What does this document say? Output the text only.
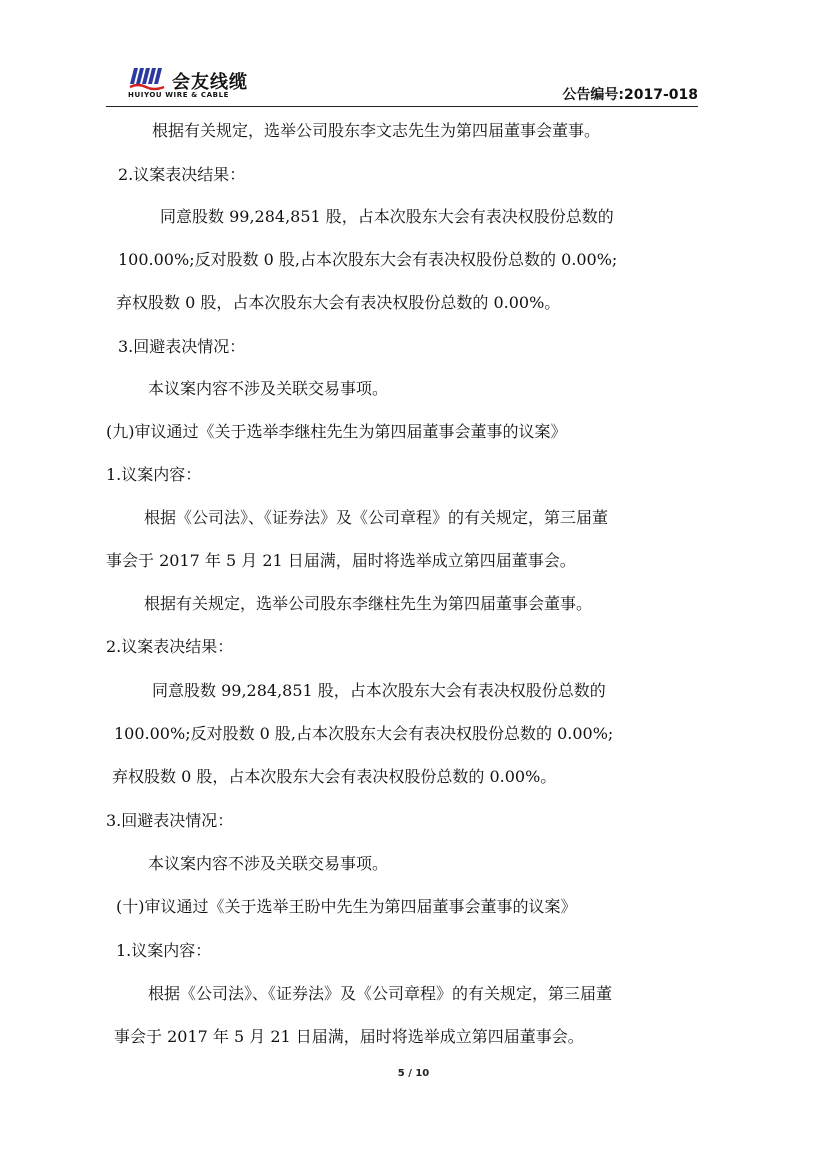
会友线缆
HUIYOU WIRE & CABLE	公告编号:2017-018
根据有关规定，选举公司股东李文志先生为第四届董事会董事。
2.议案表决结果：
同意股数 99,284,851 股，占本次股东大会有表决权股份总数的
100.00%;反对股数 0 股,占本次股东大会有表决权股份总数的 0.00%;
弃权股数 0 股，占本次股东大会有表决权股份总数的 0.00%。
3.回避表决情况：
本议案内容不涉及关联交易事项。
(九)审议通过《关于选举李继柱先生为第四届董事会董事的议案》
1.议案内容：
根据《公司法》、《证券法》及《公司章程》的有关规定，第三届董
事会于 2017 年 5 月 21 日届满，届时将选举成立第四届董事会。
根据有关规定，选举公司股东李继柱先生为第四届董事会董事。
2.议案表决结果：
同意股数 99,284,851 股，占本次股东大会有表决权股份总数的
100.00%;反对股数 0 股,占本次股东大会有表决权股份总数的 0.00%;
弃权股数 0 股，占本次股东大会有表决权股份总数的 0.00%。
3.回避表决情况：
本议案内容不涉及关联交易事项。
(十)审议通过《关于选举王盼中先生为第四届董事会董事的议案》
1.议案内容：
根据《公司法》、《证券法》及《公司章程》的有关规定，第三届董
事会于 2017 年 5 月 21 日届满，届时将选举成立第四届董事会。
5 / 10
